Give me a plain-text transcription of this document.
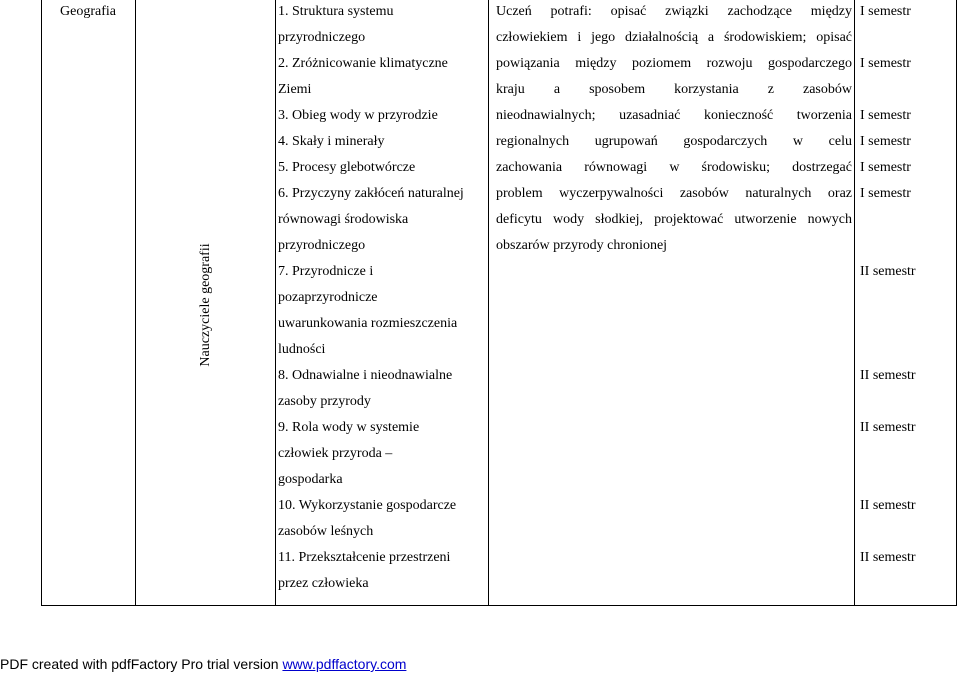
Geografia
Nauczyciele geografii
1. Struktura systemu
przyrodniczego
2. Zróżnicowanie klimatyczne
Ziemi
3. Obieg wody w przyrodzie
4. Skały i minerały
5. Procesy glebotwórcze
6. Przyczyny zakłóceń naturalnej
równowagi środowiska
przyrodniczego
7. Przyrodnicze i
pozaprzyrodnicze
uwarunkowania rozmieszczenia
ludności
8. Odnawialne i nieodnawialne
zasoby przyrody
9. Rola wody w systemie
człowiek przyroda –
gospodarka
10. Wykorzystanie gospodarcze
zasobów leśnych
11. Przekształcenie przestrzeni
przez człowieka
Uczeń potrafi: opisać związki zachodzące między
człowiekiem i jego działalnością a środowiskiem; opisać
powiązania między poziomem rozwoju gospodarczego
kraju a sposobem korzystania z zasobów
nieodnawialnych; uzasadniać konieczność tworzenia
regionalnych ugrupowań gospodarczych w celu
zachowania równowagi w środowisku; dostrzegać
problem wyczerpywalności zasobów naturalnych oraz
deficytu wody słodkiej, projektować utworzenie nowych
obszarów przyrody chronionej
I semestr
I semestr
I semestr
I semestr
I semestr
I semestr
II semestr
II semestr
II semestr
II semestr
II semestr
PDF created with pdfFactory Pro trial version www.pdffactory.com
